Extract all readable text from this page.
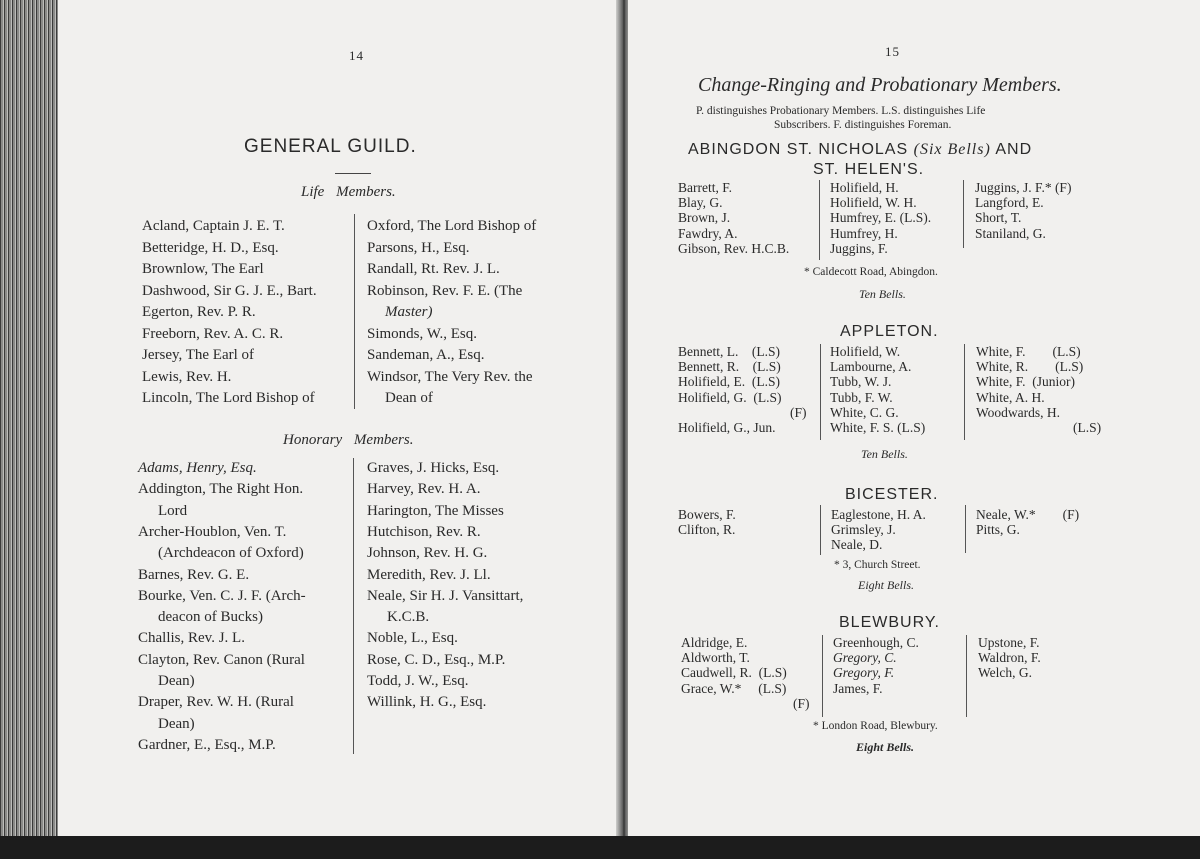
14
GENERAL GUILD.
Life Members.
Acland, Captain J. E. T.
Betteridge, H. D., Esq.
Brownlow, The Earl
Dashwood, Sir G. J. E., Bart.
Egerton, Rev. P. R.
Freeborn, Rev. A. C. R.
Jersey, The Earl of
Lewis, Rev. H.
Lincoln, The Lord Bishop of
Oxford, The Lord Bishop of
Parsons, H., Esq.
Randall, Rt. Rev. J. L.
Robinson, Rev. F. E. (The
Master)
Simonds, W., Esq.
Sandeman, A., Esq.
Windsor, The Very Rev. the
Dean of
Honorary Members.
Adams, Henry, Esq.
Addington, The Right Hon.
Lord
Archer-Houblon, Ven. T.
(Archdeacon of Oxford)
Barnes, Rev. G. E.
Bourke, Ven. C. J. F. (Arch-
deacon of Bucks)
Challis, Rev. J. L.
Clayton, Rev. Canon (Rural
Dean)
Draper, Rev. W. H. (Rural
Dean)
Gardner, E., Esq., M.P.
Graves, J. Hicks, Esq.
Harvey, Rev. H. A.
Harington, The Misses
Hutchison, Rev. R.
Johnson, Rev. H. G.
Meredith, Rev. J. Ll.
Neale, Sir H. J. Vansittart,
K.C.B.
Noble, L., Esq.
Rose, C. D., Esq., M.P.
Todd, J. W., Esq.
Willink, H. G., Esq.
15
Change-Ringing and Probationary Members.
P. distinguishes Probationary Members. L.S. distinguishes Life
Subscribers. F. distinguishes Foreman.
ABINGDON ST. NICHOLAS (Six Bells) AND
ST. HELEN'S.
Barrett, F.
Blay, G.
Brown, J.
Fawdry, A.
Gibson, Rev. H.C.B.
Holifield, H.
Holifield, W. H.
Humfrey, E. (L.S).
Humfrey, H.
Juggins, F.
Juggins, J. F.* (F)
Langford, E.
Short, T.
Staniland, G.
* Caldecott Road, Abingdon.
Ten Bells.
APPLETON.
Bennett, L.    (L.S)
Bennett, R.    (L.S)
Holifield, E.  (L.S)
Holifield, G.  (L.S)
(F)
Holifield, G., Jun.
Holifield, W.
Lambourne, A.
Tubb, W. J.
Tubb, F. W.
White, C. G.
White, F. S. (L.S)
White, F.        (L.S)
White, R.        (L.S)
White, F.  (Junior)
White, A. H.
Woodwards, H.
(L.S)
Ten Bells.
BICESTER.
Bowers, F.
Clifton, R.
Eaglestone, H. A.
Grimsley, J.
Neale, D.
Neale, W.*        (F)
Pitts, G.
* 3, Church Street.
Eight Bells.
BLEWBURY.
Aldridge, E.
Aldworth, T.
Caudwell, R.  (L.S)
Grace, W.*     (L.S)
(F)
Greenhough, C.
Gregory, C.
Gregory, F.
James, F.
Upstone, F.
Waldron, F.
Welch, G.
* London Road, Blewbury.
Eight Bells.
